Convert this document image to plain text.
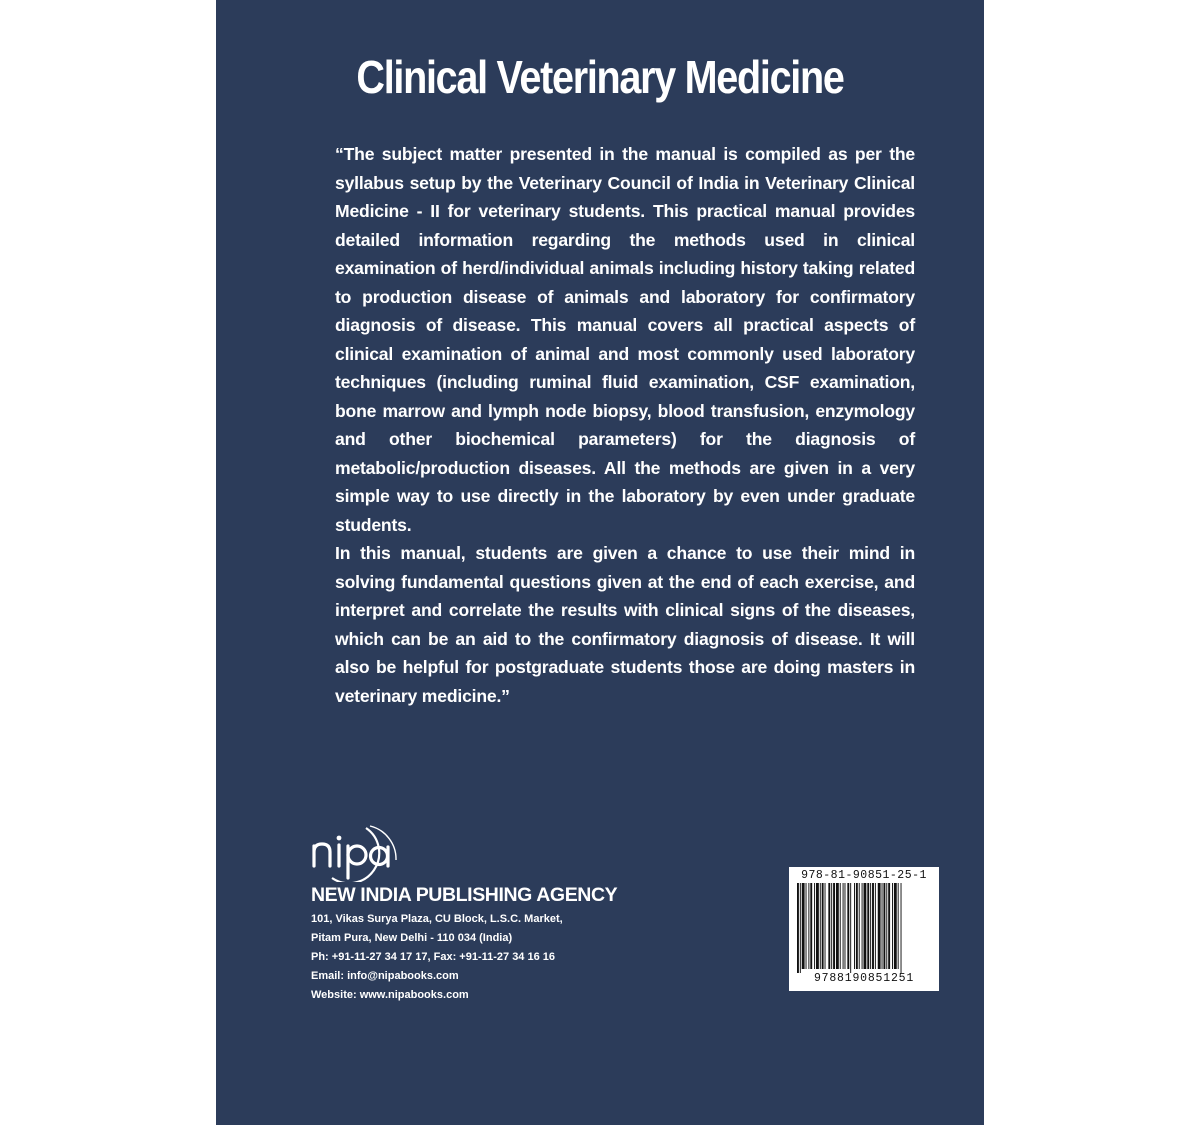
Clinical Veterinary Medicine

“The subject matter presented in the manual is compiled as per the syllabus setup by the Veterinary Council of India in Veterinary Clinical Medicine - II for veterinary students. This practical manual provides detailed information regarding the methods used in clinical examination of herd/individual animals including history taking related to production disease of animals and laboratory for confirmatory diagnosis of disease. This manual covers all practical aspects of clinical examination of animal and most commonly used laboratory techniques (including ruminal fluid examination, CSF examination, bone marrow and lymph node biopsy, blood transfusion, enzymology and other biochemical parameters) for the diagnosis of metabolic/production diseases. All the methods are given in a very simple way to use directly in the laboratory by even under graduate students.

In this manual, students are given a chance to use their mind in solving fundamental questions given at the end of each exercise, and interpret and correlate the results with clinical signs of the diseases, which can be an aid to the confirmatory diagnosis of disease. It will also be helpful for postgraduate students those are doing masters in veterinary medicine.”

NEW INDIA PUBLISHING AGENCY
101, Vikas Surya Plaza, CU Block, L.S.C. Market,
Pitam Pura, New Delhi - 110 034 (India)
Ph: +91-11-27 34 17 17, Fax: +91-11-27 34 16 16
Email: info@nipabooks.com
Website: www.nipabooks.com
978-81-90851-25-1
9788190851251
